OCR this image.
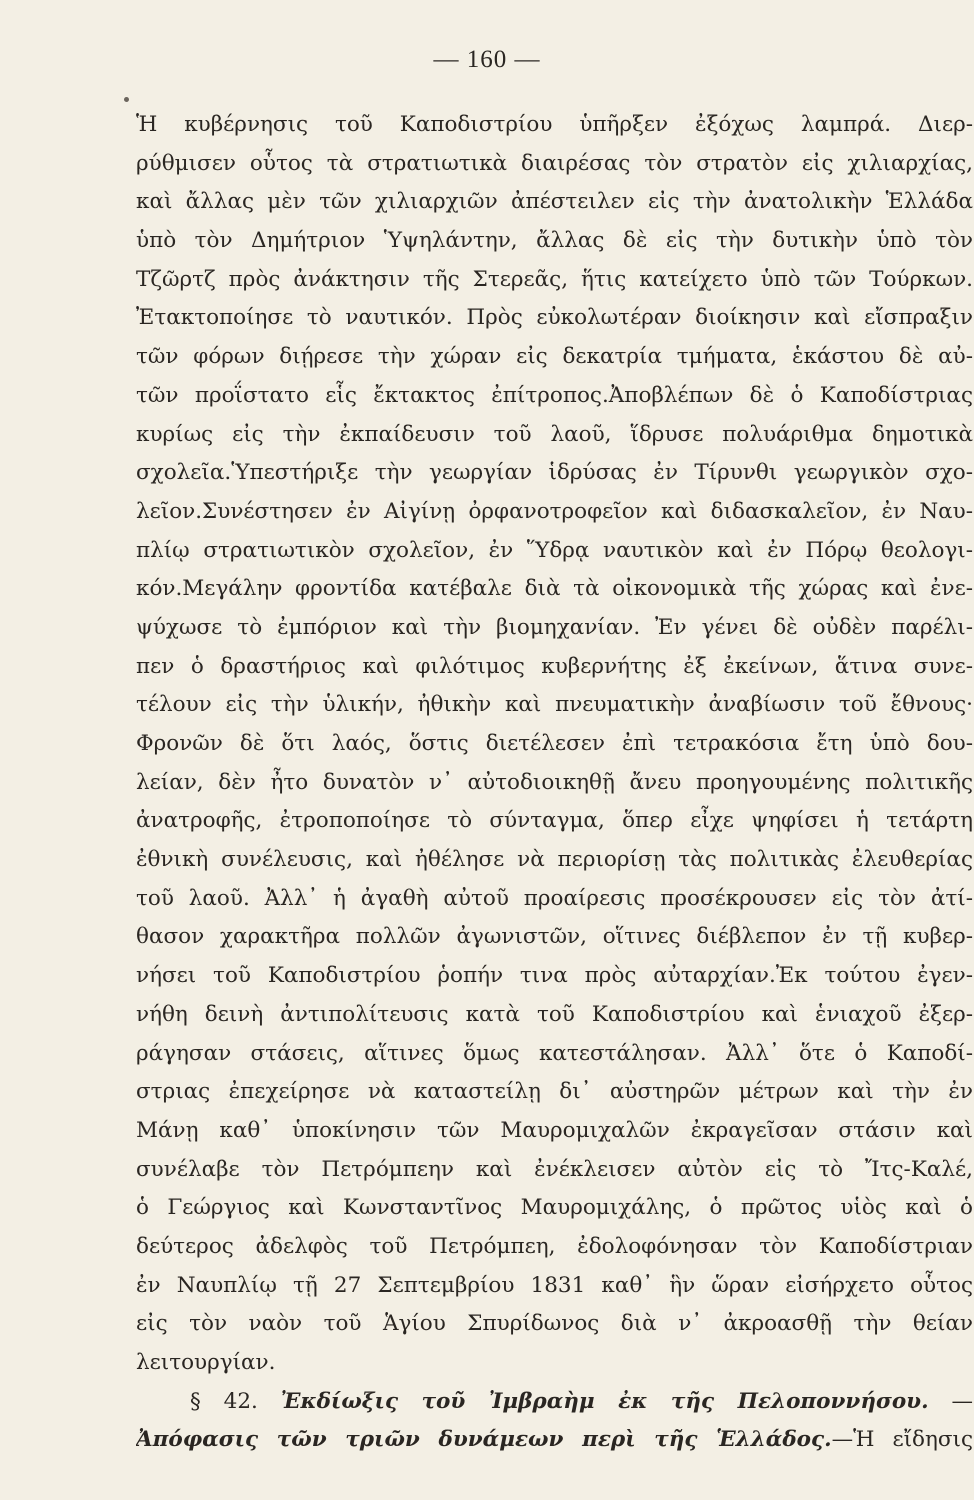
— 160 —
Ἡ κυβέρνησις τοῦ Καποδιστρίου ὑπῆρξεν ἐξόχως λαμπρά. Διερ-
ρύθμισεν οὗτος τὰ στρατιωτικὰ διαιρέσας τὸν στρατὸν εἰς χιλιαρχίας,
καὶ ἄλλας μὲν τῶν χιλιαρχιῶν ἀπέστειλεν εἰς τὴν ἀνατολικὴν Ἑλλάδα
ὑπὸ τὸν Δημήτριον Ὑψηλάντην, ἄλλας δὲ εἰς τὴν δυτικὴν ὑπὸ τὸν
Τζῶρτζ πρὸς ἀνάκτησιν τῆς Στερεᾶς, ἥτις κατείχετο ὑπὸ τῶν Τούρκων.
Ἐτακτοποίησε τὸ ναυτικόν. Πρὸς εὐκολωτέραν διοίκησιν καὶ εἴσπραξιν
τῶν φόρων διῄρεσε τὴν χώραν εἰς δεκατρία τμήματα, ἑκάστου δὲ αὐ-
τῶν προΐστατο εἷς ἔκτακτος ἐπίτροπος.Ἀποβλέπων δὲ ὁ Καποδίστριας
κυρίως εἰς τὴν ἐκπαίδευσιν τοῦ λαοῦ, ἵδρυσε πολυάριθμα δημοτικὰ
σχολεῖα.Ὑπεστήριξε τὴν γεωργίαν ἱδρύσας ἐν Τίρυνθι γεωργικὸν σχο-
λεῖον.Συνέστησεν ἐν Αἰγίνῃ ὀρφανοτροφεῖον καὶ διδασκαλεῖον, ἐν Ναυ-
πλίῳ στρατιωτικὸν σχολεῖον, ἐν Ὕδρᾳ ναυτικὸν καὶ ἐν Πόρῳ θεολογι-
κόν.Μεγάλην φροντίδα κατέβαλε διὰ τὰ οἰκονομικὰ τῆς χώρας καὶ ἐνε-
ψύχωσε τὸ ἐμπόριον καὶ τὴν βιομηχανίαν. Ἐν γένει δὲ οὐδὲν παρέλι-
πεν ὁ δραστήριος καὶ φιλότιμος κυβερνήτης ἐξ ἐκείνων, ἅτινα συνε-
τέλουν εἰς τὴν ὑλικήν, ἠθικὴν καὶ πνευματικὴν ἀναβίωσιν τοῦ ἔθνους·
Φρονῶν δὲ ὅτι λαός, ὅστις διετέλεσεν ἐπὶ τετρακόσια ἔτη ὑπὸ δου-
λείαν, δὲν ἦτο δυνατὸν ν᾽ αὐτοδιοικηθῇ ἄνευ προηγουμένης πολιτικῆς
ἀνατροφῆς, ἐτροποποίησε τὸ σύνταγμα, ὅπερ εἶχε ψηφίσει ἡ τετάρτη
ἐθνικὴ συνέλευσις, καὶ ἠθέλησε νὰ περιορίσῃ τὰς πολιτικὰς ἐλευθερίας
τοῦ λαοῦ. Ἀλλ᾽ ἡ ἀγαθὴ αὐτοῦ προαίρεσις προσέκρουσεν εἰς τὸν ἀτί-
θασον χαρακτῆρα πολλῶν ἀγωνιστῶν, οἵτινες διέβλεπον ἐν τῇ κυβερ-
νήσει τοῦ Καποδιστρίου ῥοπήν τινα πρὸς αὐταρχίαν.Ἐκ τούτου ἐγεν-
νήθη δεινὴ ἀντιπολίτευσις κατὰ τοῦ Καποδιστρίου καὶ ἑνιαχοῦ ἐξερ-
ράγησαν στάσεις, αἵτινες ὅμως κατεστάλησαν. Ἀλλ᾽ ὅτε ὁ Καποδί-
στριας ἐπεχείρησε νὰ καταστείλῃ δι᾽ αὐστηρῶν μέτρων καὶ τὴν ἐν
Μάνῃ καθ᾽ ὑποκίνησιν τῶν Μαυρομιχαλῶν ἐκραγεῖσαν στάσιν καὶ
συνέλαβε τὸν Πετρόμπεην καὶ ἐνέκλεισεν αὐτὸν εἰς τὸ Ἴτς-Καλέ,
ὁ Γεώργιος καὶ Κωνσταντῖνος Μαυρομιχάλης, ὁ πρῶτος υἱὸς καὶ ὁ
δεύτερος ἀδελφὸς τοῦ Πετρόμπεη, ἐδολοφόνησαν τὸν Καποδίστριαν
ἐν Ναυπλίῳ τῇ 27 Σεπτεμβρίου 1831 καθ᾽ ἣν ὥραν εἰσήρχετο οὗτος
εἰς τὸν ναὸν τοῦ Ἁγίου Σπυρίδωνος διὰ ν᾽ ἀκροασθῇ τὴν θείαν
λειτουργίαν.
§ 42. Ἐκδίωξις τοῦ Ἰμβραὴμ ἐκ τῆς Πελοποννήσου. —
Ἀπόφασις τῶν τριῶν δυνάμεων περὶ τῆς Ἑλλάδος.—Ἡ εἴδησις
